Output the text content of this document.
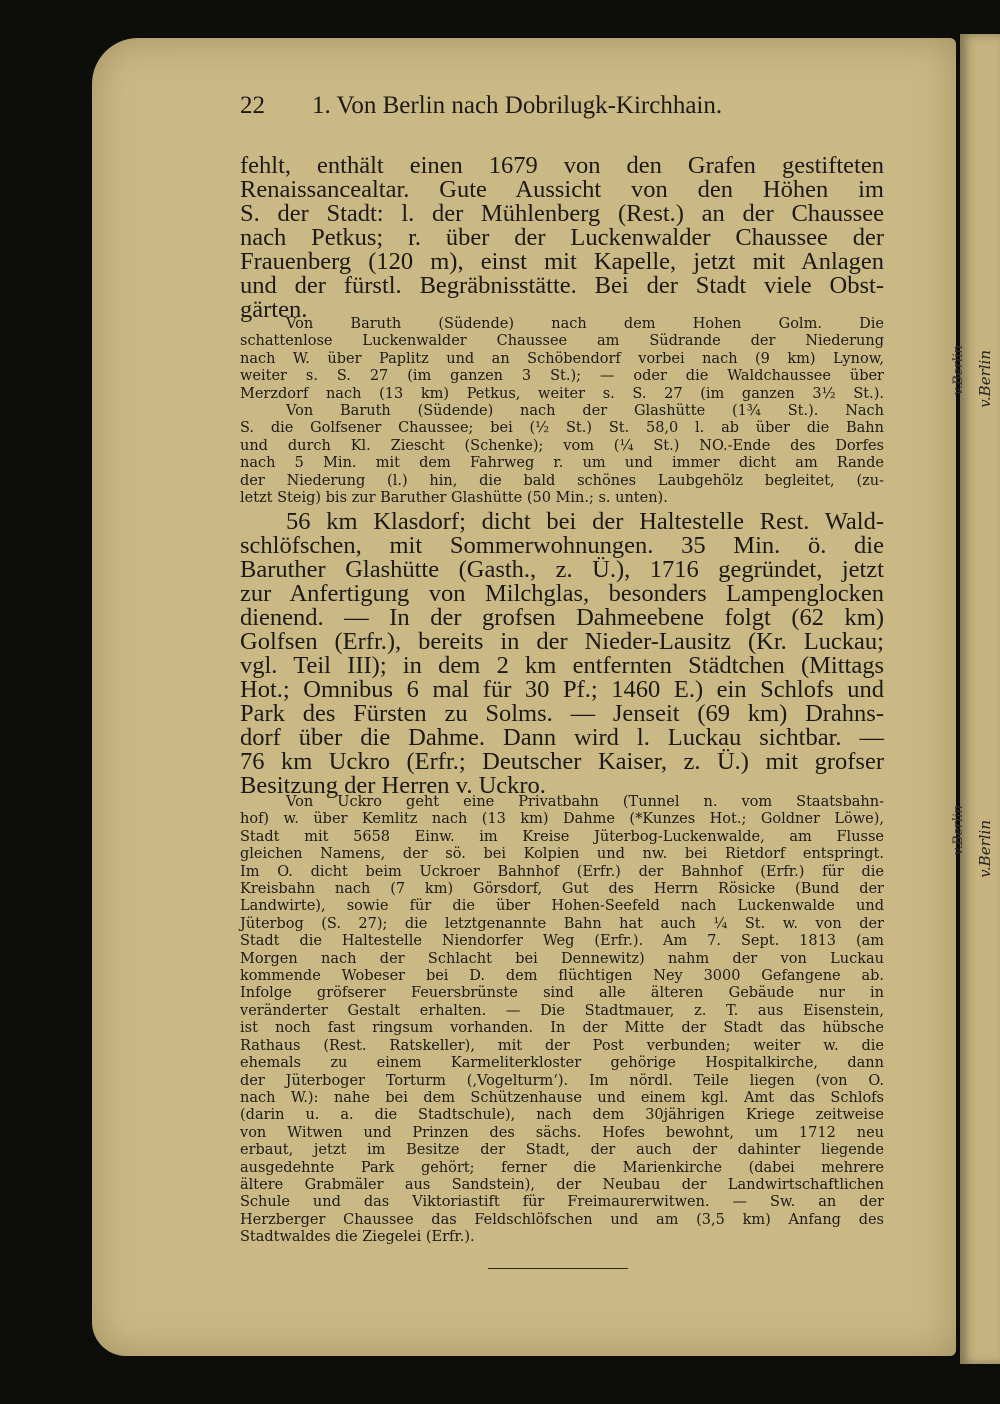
v.Berlin
v.Berlin
v.Berlin
v.Berlin
22 1. Von Berlin nach Dobrilugk-Kirchhain.
fehlt, enthält einen 1679 von den Grafen gestifteten
Renaissancealtar. Gute Aussicht von den Höhen im
S. der Stadt: l. der Mühlenberg (Rest.) an der Chaussee
nach Petkus; r. über der Luckenwalder Chaussee der
Frauenberg (120 m), einst mit Kapelle, jetzt mit Anlagen
und der fürstl. Begräbnisstätte. Bei der Stadt viele Obst-
gärten.
Von Baruth (Südende) nach dem Hohen Golm. Die
schattenlose Luckenwalder Chaussee am Südrande der Niederung
nach W. über Paplitz und an Schöbendorf vorbei nach (9 km) Lynow,
weiter s. S. 27 (im ganzen 3 St.); — oder die Waldchaussee über
Merzdorf nach (13 km) Petkus, weiter s. S. 27 (im ganzen 3½ St.).
Von Baruth (Südende) nach der Glashütte (1¾ St.). Nach
S. die Golfsener Chaussee; bei (½ St.) St. 58,0 l. ab über die Bahn
und durch Kl. Ziescht (Schenke); vom (¼ St.) NO.-Ende des Dorfes
nach 5 Min. mit dem Fahrweg r. um und immer dicht am Rande
der Niederung (l.) hin, die bald schönes Laubgehölz begleitet, (zu-
letzt Steig) bis zur Baruther Glashütte (50 Min.; s. unten).
56 km Klasdorf; dicht bei der Haltestelle Rest. Wald-
schlöfschen, mit Sommerwohnungen. 35 Min. ö. die
Baruther Glashütte (Gasth., z. Ü.), 1716 gegründet, jetzt
zur Anfertigung von Milchglas, besonders Lampenglocken
dienend. — In der grofsen Dahmeebene folgt (62 km)
Golfsen (Erfr.), bereits in der Nieder-Lausitz (Kr. Luckau;
vgl. Teil III); in dem 2 km entfernten Städtchen (Mittags
Hot.; Omnibus 6 mal für 30 Pf.; 1460 E.) ein Schlofs und
Park des Fürsten zu Solms. — Jenseit (69 km) Drahns-
dorf über die Dahme. Dann wird l. Luckau sichtbar. —
76 km Uckro (Erfr.; Deutscher Kaiser, z. Ü.) mit grofser
Besitzung der Herren v. Uckro.
Von Uckro geht eine Privatbahn (Tunnel n. vom Staatsbahn-
hof) w. über Kemlitz nach (13 km) Dahme (*Kunzes Hot.; Goldner Löwe),
Stadt mit 5658 Einw. im Kreise Jüterbog-Luckenwalde, am Flusse
gleichen Namens, der sö. bei Kolpien und nw. bei Rietdorf entspringt.
Im O. dicht beim Uckroer Bahnhof (Erfr.) der Bahnhof (Erfr.) für die
Kreisbahn nach (7 km) Görsdorf, Gut des Herrn Rösicke (Bund der
Landwirte), sowie für die über Hohen-Seefeld nach Luckenwalde und
Jüterbog (S. 27); die letztgenannte Bahn hat auch ¼ St. w. von der
Stadt die Haltestelle Niendorfer Weg (Erfr.). Am 7. Sept. 1813 (am
Morgen nach der Schlacht bei Dennewitz) nahm der von Luckau
kommende Wobeser bei D. dem flüchtigen Ney 3000 Gefangene ab.
Infolge gröfserer Feuersbrünste sind alle älteren Gebäude nur in
veränderter Gestalt erhalten. — Die Stadtmauer, z. T. aus Eisenstein,
ist noch fast ringsum vorhanden. In der Mitte der Stadt das hübsche
Rathaus (Rest. Ratskeller), mit der Post verbunden; weiter w. die
ehemals zu einem Karmeliterkloster gehörige Hospitalkirche, dann
der Jüterboger Torturm (‚Vogelturm‘). Im nördl. Teile liegen (von O.
nach W.): nahe bei dem Schützenhause und einem kgl. Amt das Schlofs
(darin u. a. die Stadtschule), nach dem 30jährigen Kriege zeitweise
von Witwen und Prinzen des sächs. Hofes bewohnt, um 1712 neu
erbaut, jetzt im Besitze der Stadt, der auch der dahinter liegende
ausgedehnte Park gehört; ferner die Marienkirche (dabei mehrere
ältere Grabmäler aus Sandstein), der Neubau der Landwirtschaftlichen
Schule und das Viktoriastift für Freimaurerwitwen. — Sw. an der
Herzberger Chaussee das Feldschlöfschen und am (3,5 km) Anfang des
Stadtwaldes die Ziegelei (Erfr.).
